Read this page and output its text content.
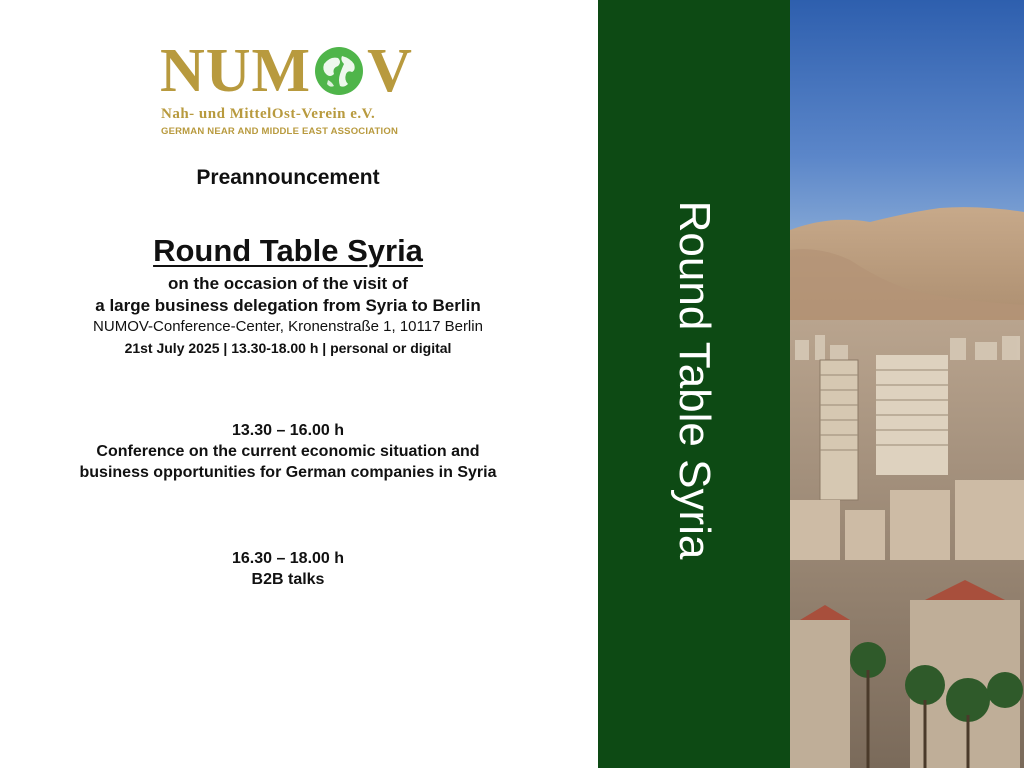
NUM V
Nah- und MittelOst-Verein e.V.
GERMAN NEAR AND MIDDLE EAST ASSOCIATION
Preannouncement
Round Table Syria
on the occasion of the visit of
a large business delegation from Syria to Berlin
NUMOV-Conference-Center, Kronenstraße 1, 10117 Berlin
21st July 2025 | 13.30-18.00 h | personal or digital
13.30 – 16.00 h
Conference on the current economic situation and
business opportunities for German companies in Syria
16.30 – 18.00 h
B2B talks
Round Table Syria
